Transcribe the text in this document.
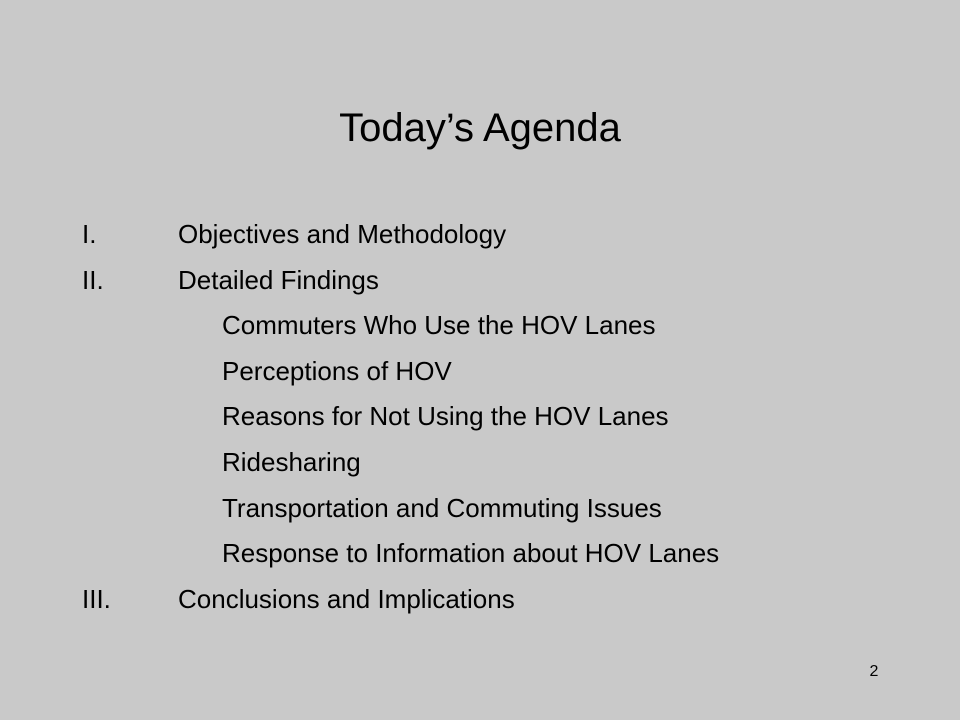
Today’s Agenda
I.	Objectives and Methodology
II.	Detailed Findings
Commuters Who Use the HOV Lanes
Perceptions of HOV
Reasons for Not Using the HOV Lanes
Ridesharing
Transportation and Commuting Issues
Response to Information about HOV Lanes
III.	Conclusions and Implications
2
